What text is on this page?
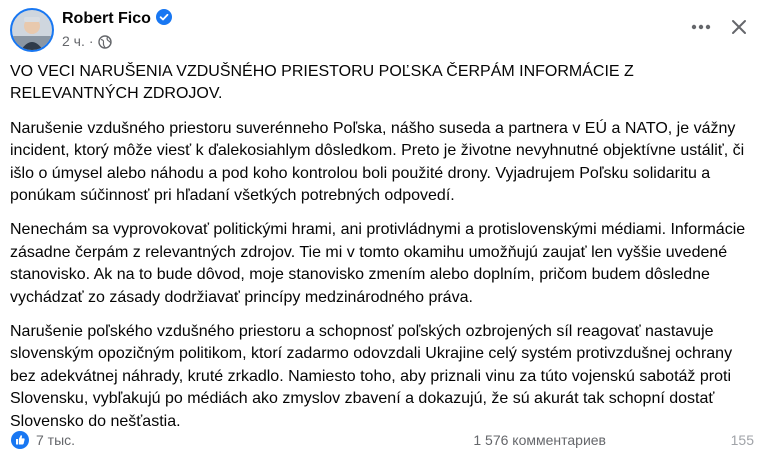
Robert Fico
2 ч. ·

VO VECI NARUŠENIA VZDUŠNÉHO PRIESTORU POĽSKA ČERPÁM INFORMÁCIE Z RELEVANTNÝCH ZDROJOV.

Narušenie vzdušného priestoru suverénneho Poľska, nášho suseda a partnera v EÚ a NATO, je vážny incident, ktorý môže viesť k ďalekosiahlym dôsledkom. Preto je životne nevyhnutné objektívne ustáliť, či išlo o úmysel alebo náhodu a pod koho kontrolou boli použité drony. Vyjadrujem Poľsku solidaritu a ponúkam súčinnosť pri hľadaní všetkých potrebných odpovedí.

Nenechám sa vyprovokovať politickými hrami, ani protivládnymi a protislovenskými médiami. Informácie zásadne čerpám z relevantných zdrojov. Tie mi v tomto okamihu umožňujú zaujať len vyššie uvedené stanovisko. Ak na to bude dôvod, moje stanovisko zmením alebo doplním, pričom budem dôsledne vychádzať zo zásady dodržiavať princípy medzinárodného práva.

Narušenie poľského vzdušného priestoru a schopnosť poľských ozbrojených síl reagovať nastavuje slovenským opozičným politikom, ktorí zadarmo odovzdali Ukrajine celý systém protivzdušnej ochrany bez adekvátnej náhrady, kruté zrkadlo. Namiesto toho, aby priznali vinu za túto vojenskú sabotáž proti Slovensku, vybľakujú po médiách ako zmyslov zbavení a dokazujú, že sú akurát tak schopní dostať Slovensko do nešťastia.

7 тыс.	1 576 комментариев	155
